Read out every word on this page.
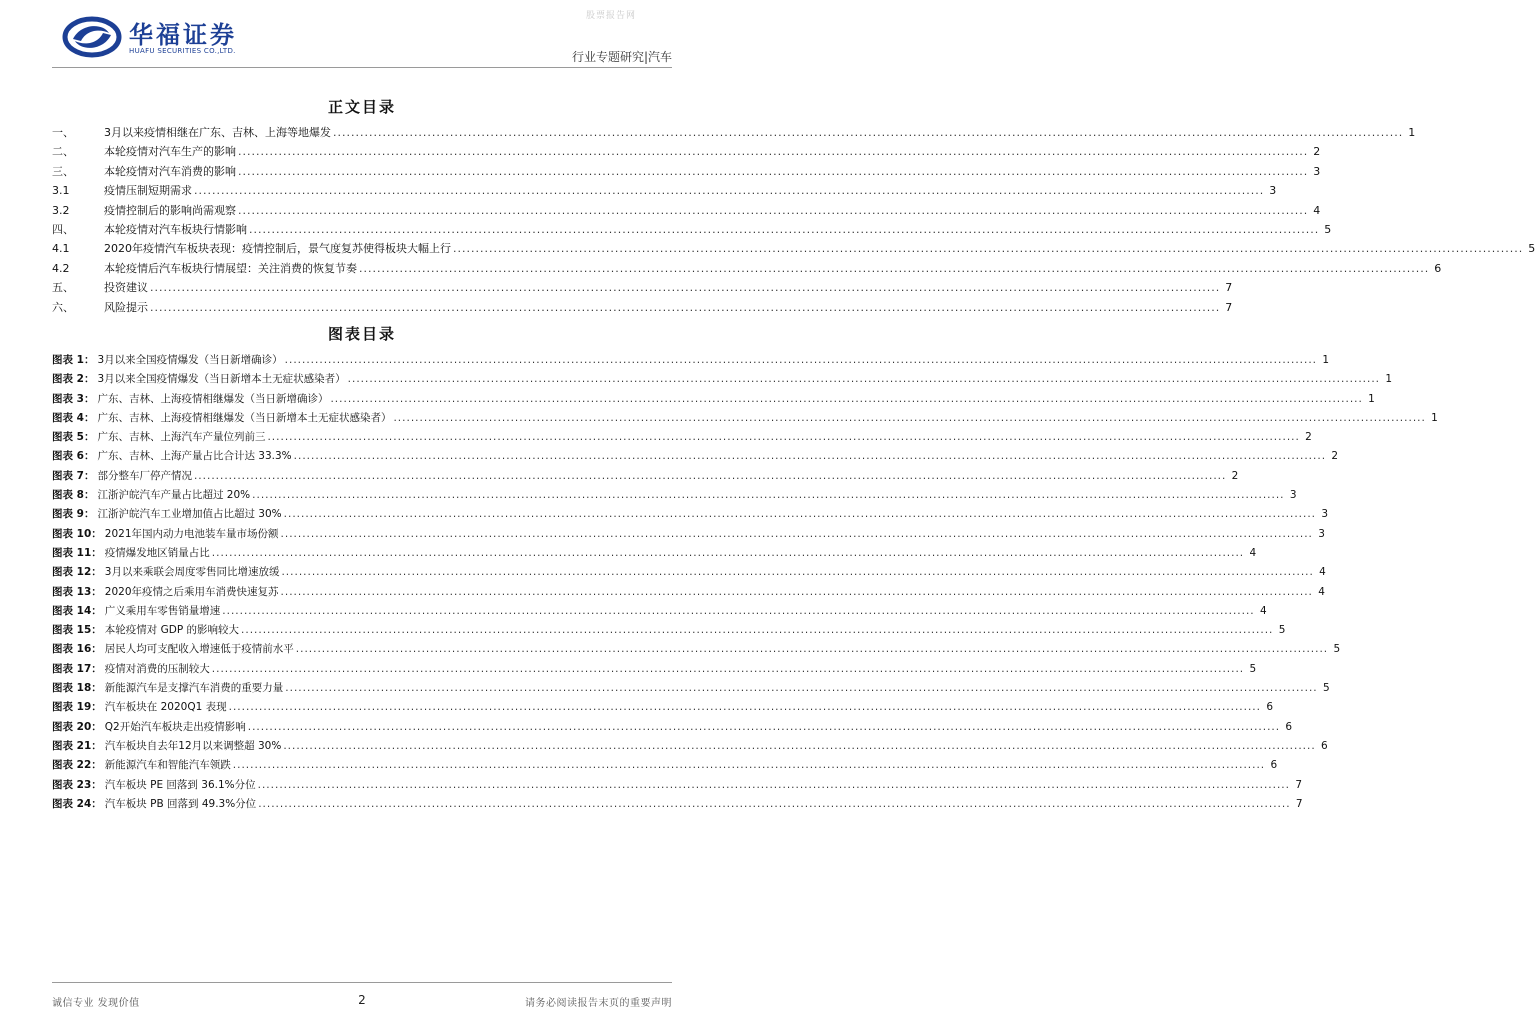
股票报告网
华福证券
HUAFU SECURITIES CO.,LTD.	行业专题研究|汽车
正文目录
一、	3月以来疫情相继在广东、吉林、上海等地爆发 .....	1
二、	本轮疫情对汽车生产的影响 .....	2
三、	本轮疫情对汽车消费的影响 .....	3
3.1	疫情压制短期需求 .....	3
3.2	疫情控制后的影响尚需观察 .....	4
四、	本轮疫情对汽车板块行情影响 .....	5
4.1	2020年疫情汽车板块表现：疫情控制后，景气度复苏使得板块大幅上行 .....	5
4.2	本轮疫情后汽车板块行情展望：关注消费的恢复节奏 .....	6
五、	投资建议 .....	7
六、	风险提示 .....	7
图表目录
图表 1： 3月以来全国疫情爆发（当日新增确诊） .....	1
图表 2： 3月以来全国疫情爆发（当日新增本土无症状感染者） .....	1
图表 3： 广东、吉林、上海疫情相继爆发（当日新增确诊） .....	1
图表 4： 广东、吉林、上海疫情相继爆发（当日新增本土无症状感染者） .....	1
图表 5： 广东、吉林、上海汽车产量位列前三 .....	2
图表 6： 广东、吉林、上海产量占比合计达 33.3% .....	2
图表 7： 部分整车厂停产情况 .....	2
图表 8： 江浙沪皖汽车产量占比超过 20% .....	3
图表 9： 江浙沪皖汽车工业增加值占比超过 30% .....	3
图表 10： 2021年国内动力电池装车量市场份额 .....	3
图表 11： 疫情爆发地区销量占比 .....	4
图表 12： 3月以来乘联会周度零售同比增速放缓 .....	4
图表 13： 2020年疫情之后乘用车消费快速复苏 .....	4
图表 14： 广义乘用车零售销量增速 .....	4
图表 15： 本轮疫情对 GDP 的影响较大 .....	5
图表 16： 居民人均可支配收入增速低于疫情前水平 .....	5
图表 17： 疫情对消费的压制较大 .....	5
图表 18： 新能源汽车是支撑汽车消费的重要力量 .....	5
图表 19： 汽车板块在 2020Q1 表现 .....	6
图表 20： Q2开始汽车板块走出疫情影响 .....	6
图表 21： 汽车板块自去年12月以来调整超 30% .....	6
图表 22： 新能源汽车和智能汽车领跌 .....	6
图表 23： 汽车板块 PE 回落到 36.1%分位 .....	7
图表 24： 汽车板块 PB 回落到 49.3%分位 .....	7
诚信专业 发现价值	2	请务必阅读报告末页的重要声明
